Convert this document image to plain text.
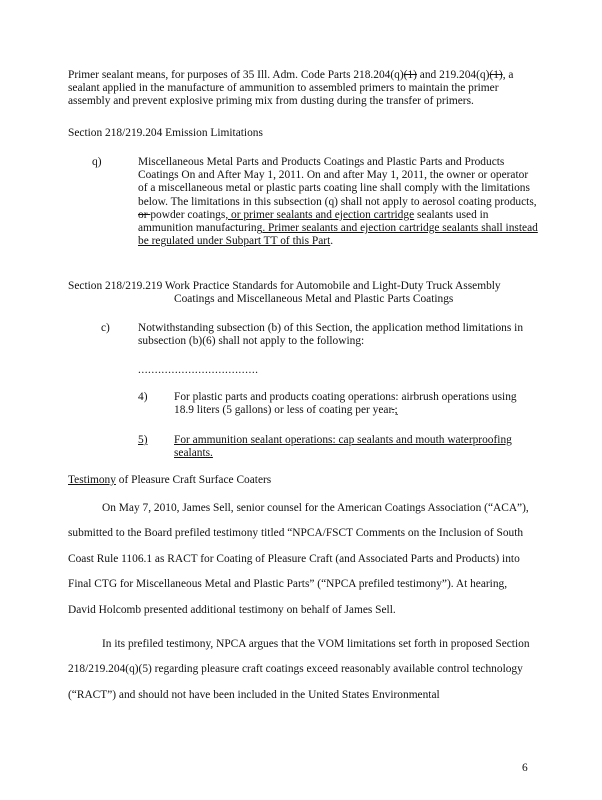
Primer sealant means, for purposes of 35 Ill. Adm. Code Parts 218.204(q)(1) and 219.204(q)(1), a sealant applied in the manufacture of ammunition to assembled primers to maintain the primer assembly and prevent explosive priming mix from dusting during the transfer of primers.
Section 218/219.204 Emission Limitations
q)	Miscellaneous Metal Parts and Products Coatings and Plastic Parts and Products Coatings On and After May 1, 2011. On and after May 1, 2011, the owner or operator of a miscellaneous metal or plastic parts coating line shall comply with the limitations below. The limitations in this subsection (q) shall not apply to aerosol coating products, or powder coatings, or primer sealants and ejection cartridge sealants used in ammunition manufacturing. Primer sealants and ejection cartridge sealants shall instead be regulated under Subpart TT of this Part.
Section 218/219.219 Work Practice Standards for Automobile and Light-Duty Truck Assembly
Coatings and Miscellaneous Metal and Plastic Parts Coatings
c) Notwithstanding subsection (b) of this Section, the application method limitations in subsection (b)(6) shall not apply to the following:
....................................
4) For plastic parts and products coating operations: airbrush operations using 18.9 liters (5 gallons) or less of coating per year.;
5) For ammunition sealant operations: cap sealants and mouth waterproofing sealants.
Testimony of Pleasure Craft Surface Coaters
On May 7, 2010, James Sell, senior counsel for the American Coatings Association (“ACA”), submitted to the Board prefiled testimony titled “NPCA/FSCT Comments on the Inclusion of South Coast Rule 1106.1 as RACT for Coating of Pleasure Craft (and Associated Parts and Products) into Final CTG for Miscellaneous Metal and Plastic Parts” (“NPCA prefiled testimony”). At hearing, David Holcomb presented additional testimony on behalf of James Sell.
In its prefiled testimony, NPCA argues that the VOM limitations set forth in proposed Section 218/219.204(q)(5) regarding pleasure craft coatings exceed reasonably available control technology (“RACT”) and should not have been included in the United States Environmental
6
